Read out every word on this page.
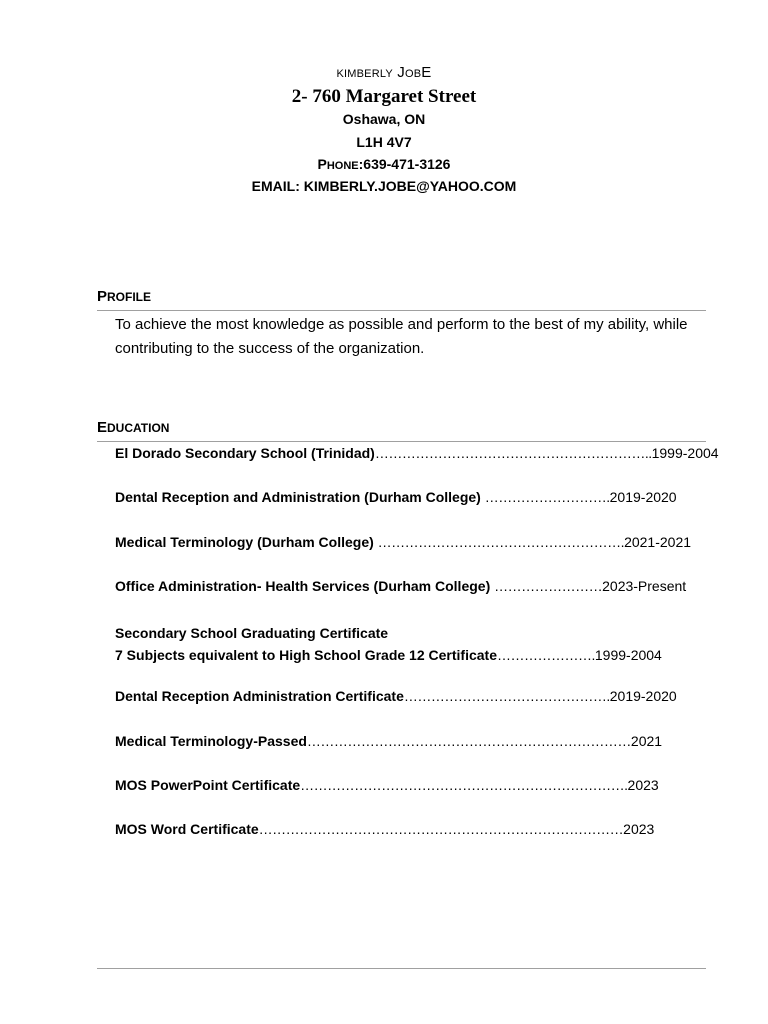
KIMBERLY JOBE
2- 760 Margaret Street
Oshawa, ON
L1H 4V7
PHONE:639-471-3126
EMAIL: KIMBERLY.JOBE@YAHOO.COM
PROFILE
To achieve the most knowledge as possible and perform to the best of my ability, while contributing to the success of the organization.
EDUCATION
El Dorado Secondary School (Trinidad)……………………………………………………..1999-2004
Dental Reception and Administration (Durham College) ……………………….2019-2020
Medical Terminology (Durham College) ……………………………………………….2021-2021
Office Administration- Health Services (Durham College) ……………………2023-Present
Secondary School Graduating Certificate
7 Subjects equivalent to High School Grade 12 Certificate………………….1999-2004
Dental Reception Administration Certificate……………………………………….2019-2020
Medical Terminology-Passed………………………………………………………………2021
MOS PowerPoint Certificate……………………………………………………………….2023
MOS Word Certificate………………………………………………………………………2023
